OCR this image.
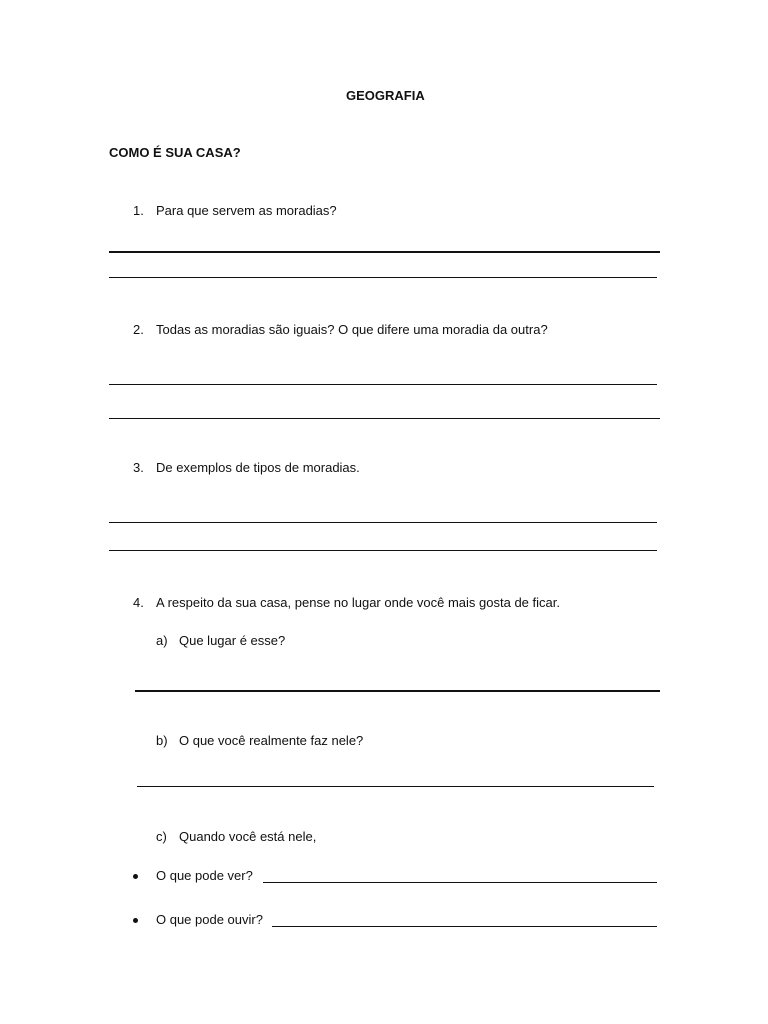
GEOGRAFIA
COMO É SUA CASA?
1. Para que servem as moradias?
2. Todas as moradias são iguais? O que difere uma moradia da outra?
3. De exemplos de tipos de moradias.
4. A respeito da sua casa, pense no lugar onde você mais gosta de ficar.
a) Que lugar é esse?
b) O que você realmente faz nele?
c) Quando você está nele,
O que pode ver?
O que pode ouvir?
